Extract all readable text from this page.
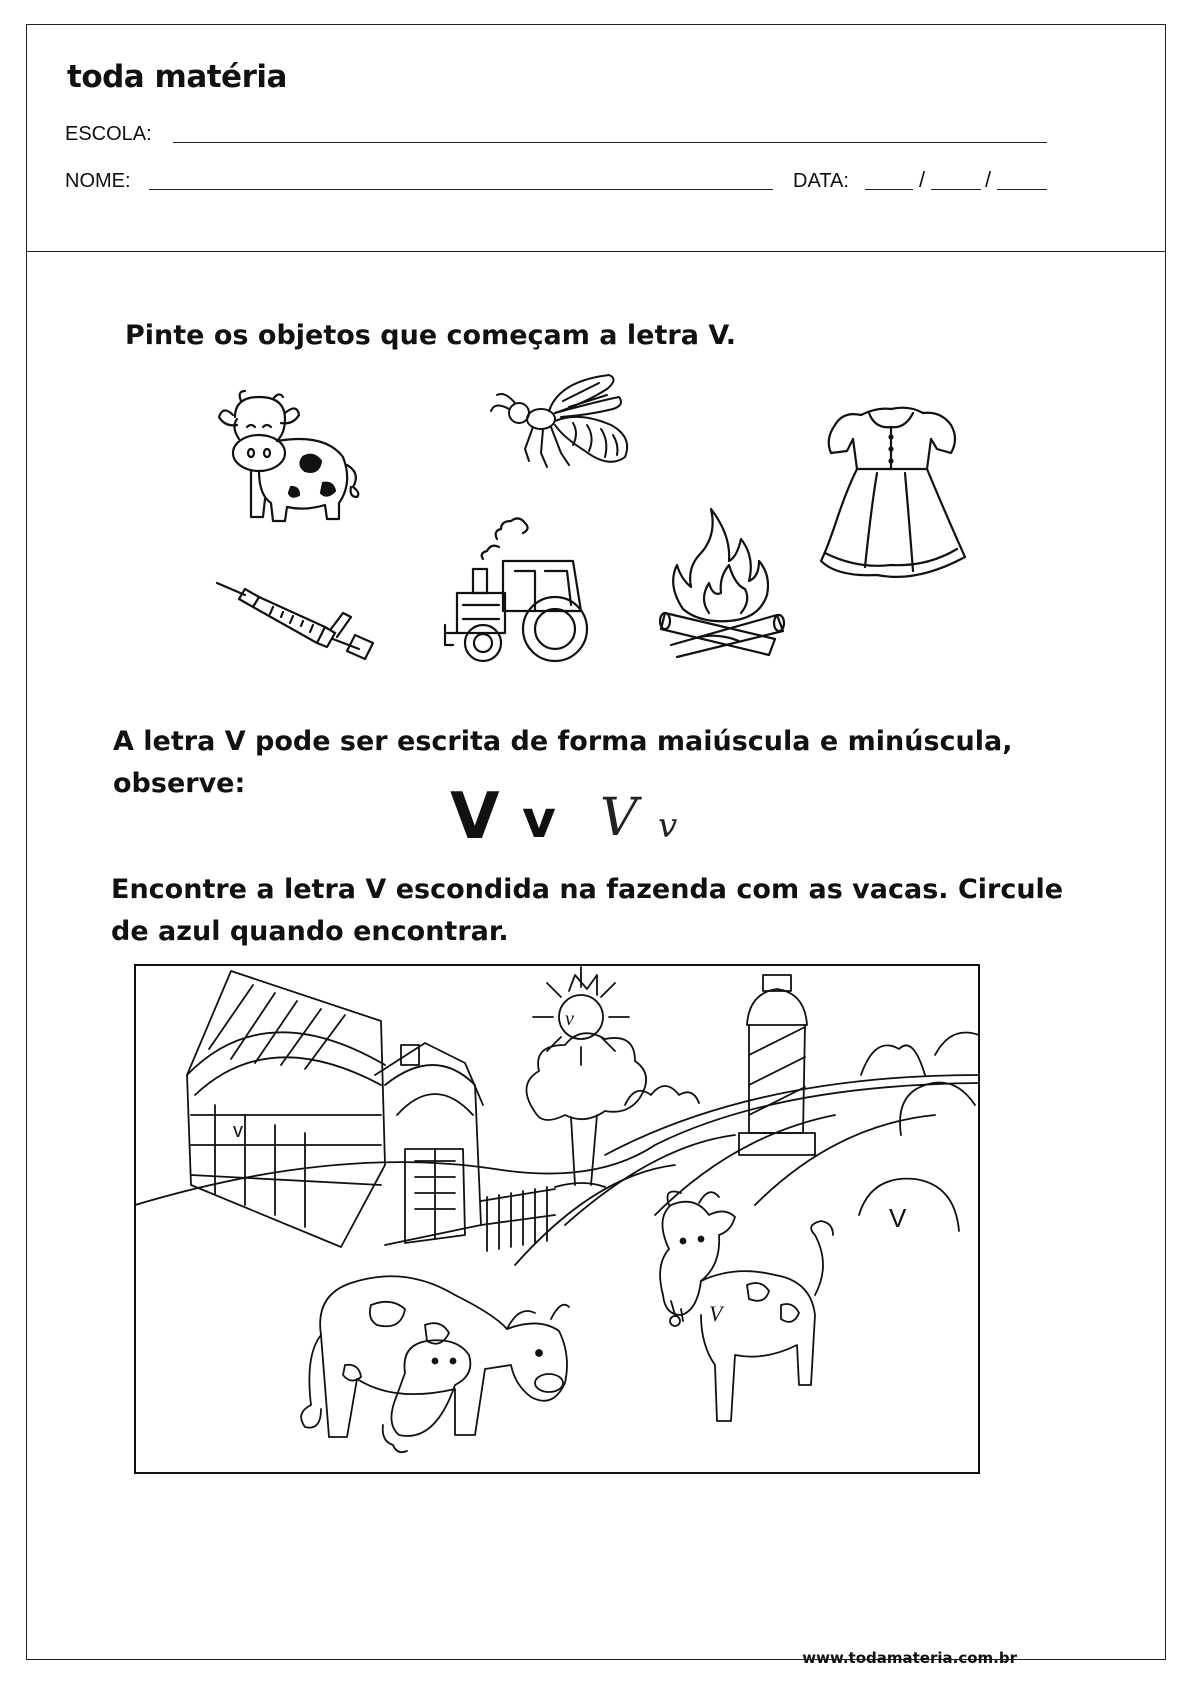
toda matéria
ESCOLA:
NOME:	DATA:	/	/
Pinte os objetos que começam a letra V.
A letra V pode ser escrita de forma maiúscula e minúscula,
observe:
Encontre a letra V escondida na fazenda com as vacas. Circule
de azul quando encontrar.
v
v
V
V
v
www.todamateria.com.br
V v V v
